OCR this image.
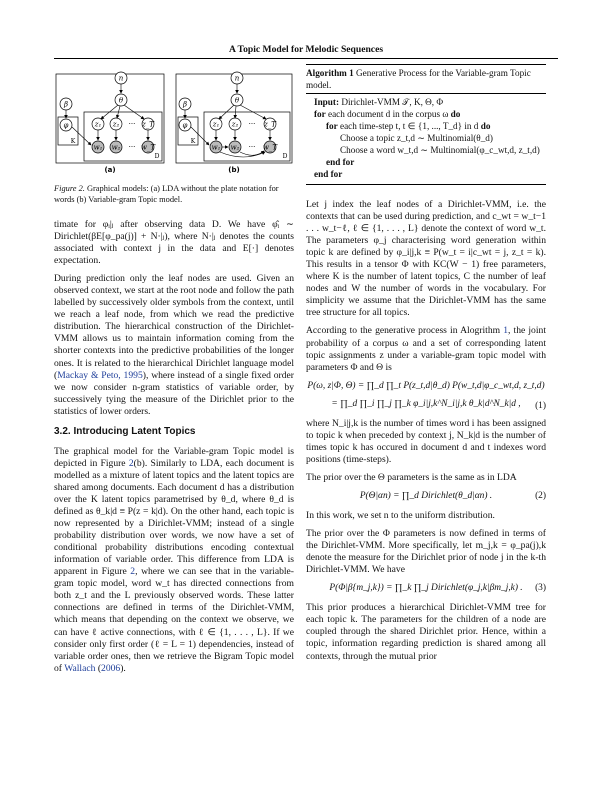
A Topic Model for Melodic Sequences
n
θ
β
φ
K
D
z₁ z₂ ··· z_T
w₁ w₂ ··· w_T
(a)
n
θ
β
φ
K
D
z₁ z₂ ··· z_T
w₁ w₂ ··· w_T
(b)
Figure 2. Graphical models: (a) LDA without the plate notation for words (b) Variable-gram Topic model.

timate for φᵢ|ⱼ after observing data D. We have φ̂ᵢ ∼ Dirichlet(βE[φ_pa(j)] + N·|ⱼ), where N·|ⱼ denotes the counts associated with context j in the data and E[·] denotes expectation.

During prediction only the leaf nodes are used. Given an observed context, we start at the root node and follow the path labelled by successively older symbols from the context, until we reach a leaf node, from which we read the predictive distribution. The hierarchical construction of the Dirichlet-VMM allows us to maintain information coming from the shorter contexts into the predictive probabilities of the longer ones. It is related to the hierarchical Dirichlet language model (Mackay & Peto, 1995), where instead of a single fixed order we now consider n-gram statistics of variable order, by successively tying the measure of the Dirichlet prior to the statistics of lower orders.

3.2. Introducing Latent Topics

The graphical model for the Variable-gram Topic model is depicted in Figure 2(b). Similarly to LDA, each document is modelled as a mixture of latent topics and the latent topics are shared among documents. Each document d has a distribution over the K latent topics parametrised by θ_d, where θ_d is defined as θ_k|d ≡ P(z = k|d). On the other hand, each topic is now represented by a Dirichlet-VMM; instead of a single probability distribution over words, we now have a set of conditional probability distributions encoding contextual information of variable order. This difference from LDA is apparent in Figure 2, where we can see that in the variable-gram topic model, word w_t has directed connections from both z_t and the L previously observed words. These latter connections are defined in terms of the Dirichlet-VMM, which means that depending on the context we observe, we can have ℓ active connections, with ℓ ∈ {1, . . . , L}. If we consider only first order (ℓ = L = 1) dependencies, instead of variable order ones, then we retrieve the Bigram Topic model of Wallach (2006).

Algorithm 1 Generative Process for the Variable-gram Topic model.
Input: Dirichlet-VMM 𝒯, K, Θ, Φ
for each document d in the corpus ω do
for each time-step t, t ∈ {1, ..., T_d} in d do
Choose a topic z_t,d ∼ Multinomial(θ_d)
Choose a word w_t,d ∼ Multinomial(φ_c_wt,d, z_t,d)
end for
end for

Let j index the leaf nodes of a Dirichlet-VMM, i.e. the contexts that can be used during prediction, and c_wt = w_t−1 . . . w_t−ℓ, ℓ ∈ {1, . . . , L} denote the context of word w_t. The parameters φ_j characterising word generation within topic k are defined by φ_i|j,k ≡ P(w_t = i|c_wt = j, z_t = k). This results in a tensor Φ with KC(W − 1) free parameters, where K is the number of latent topics, C the number of leaf nodes and W the number of words in the vocabulary. For simplicity we assume that the Dirichlet-VMM has the same tree structure for all topics.

According to the generative process in Alogrithm 1, the joint probability of a corpus ω and a set of corresponding latent topic assignments z under a variable-gram topic model with parameters Φ and Θ is

P(ω, z|Φ, Θ) = ∏_d ∏_t P(z_t,d|θ_d) P(w_t,d|φ_c_wt,d, z_t,d)
= ∏_d ∏_i ∏_j ∏_k φ_i|j,k^N_i|j,k θ_k|d^N_k|d ,	(1)

where N_i|j,k is the number of times word i has been assigned to topic k when preceded by context j, N_k|d is the number of times topic k has occured in document d and t indexes word positions (time-steps).

The prior over the Θ parameters is the same as in LDA

P(Θ|αn) = ∏_d Dirichlet(θ_d|αn) .	(2)

In this work, we set n to the uniform distribution.

The prior over the Φ parameters is now defined in terms of the Dirichlet-VMM. More specifically, let m_j,k = φ_pa(j),k denote the measure for the Dirichlet prior of node j in the k-th Dirichlet-VMM. We have

P(Φ|β{m_j,k}) = ∏_k ∏_j Dirichlet(φ_j,k|βm_j,k) . (3)

This prior produces a hierarchical Dirichlet-VMM tree for each topic k. The parameters for the children of a node are coupled through the shared Dirichlet prior. Hence, within a topic, information regarding prediction is shared among all contexts, through the mutual prior
